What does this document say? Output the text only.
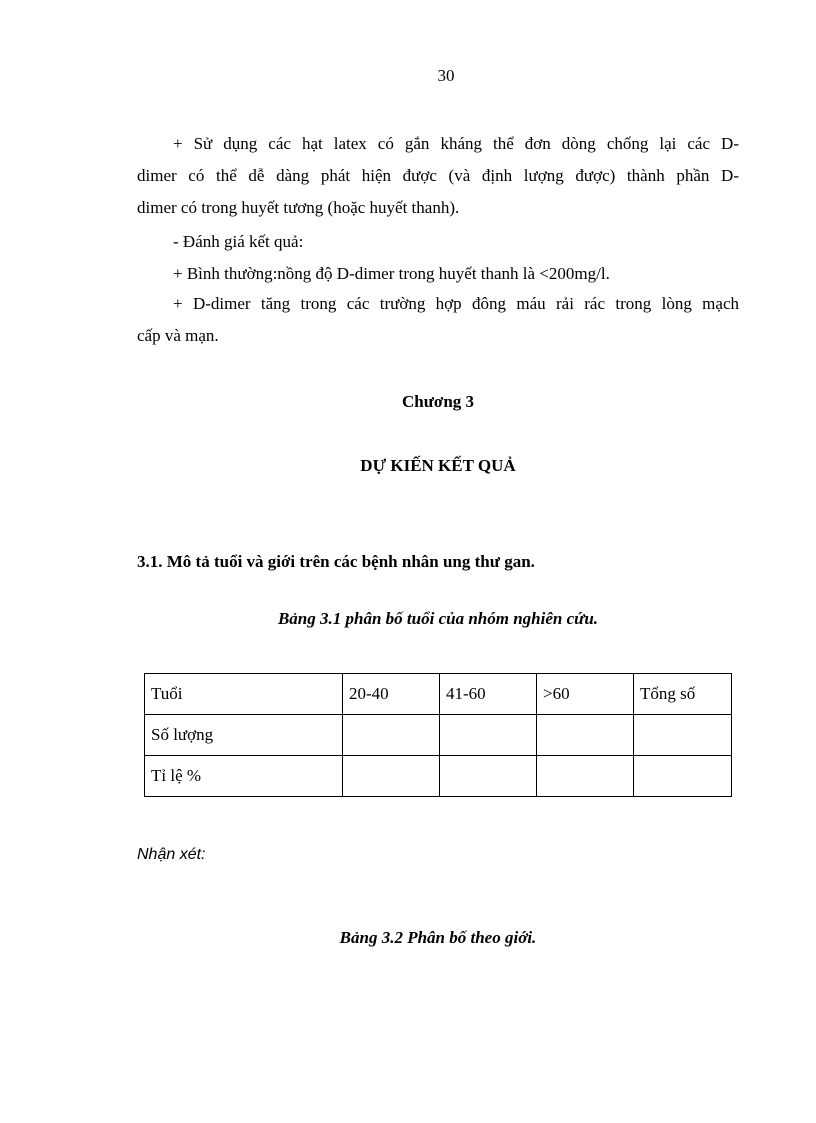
30
+ Sử dụng các hạt latex có gắn kháng thể đơn dòng chống lại các D-
dimer có thể dễ dàng phát hiện được (và định lượng được) thành phần D-
dimer có trong huyết tương (hoặc huyết thanh).
- Đánh giá kết quả:
+ Bình thường:nồng độ D-dimer trong huyết thanh là <200mg/l.
+ D-dimer tăng trong các trường hợp đông máu rải rác trong lòng mạch
cấp và mạn.
Chương 3
DỰ KIẾN KẾT QUẢ
3.1. Mô tả tuổi và giới trên các bệnh nhân ung thư gan.
Bảng 3.1 phân bố tuổi của nhóm nghiên cứu.
Tuổi	20-40	41-60	>60	Tổng số
Số lượng				
Tỉ lệ %				
Nhận xét:
Bảng 3.2 Phân bố theo giới.
